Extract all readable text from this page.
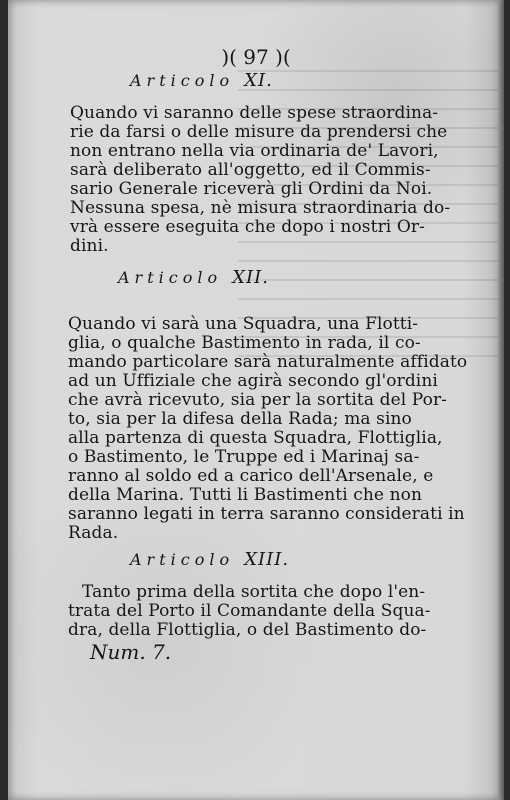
)( 97 )(
Articolo XI.
Quando vi saranno delle spese straordina-
rie da farsi o delle misure da prendersi che
non entrano nella via ordinaria de' Lavori,
sarà deliberato all'oggetto, ed il Commis-
sario Generale riceverà gli Ordini da Noi.
Nessuna spesa, nè misura straordinaria do-
vrà essere eseguita che dopo i nostri Or-
dini.
Articolo XII.
Quando vi sarà una Squadra, una Flotti-
glia, o qualche Bastimento in rada, il co-
mando particolare sarà naturalmente affidato
ad un Uffiziale che agirà secondo gl'ordini
che avrà ricevuto, sia per la sortita del Por-
to, sia per la difesa della Rada; ma sino
alla partenza di questa Squadra, Flottiglia,
o Bastimento, le Truppe ed i Marinaj sa-
ranno al soldo ed a carico dell'Arsenale, e
della Marina. Tutti li Bastimenti che non
saranno legati in terra saranno considerati in
Rada.
Articolo XIII.
Tanto prima della sortita che dopo l'en-
trata del Porto il Comandante della Squa-
dra, della Flottiglia, o del Bastimento do-
Num. 7.
